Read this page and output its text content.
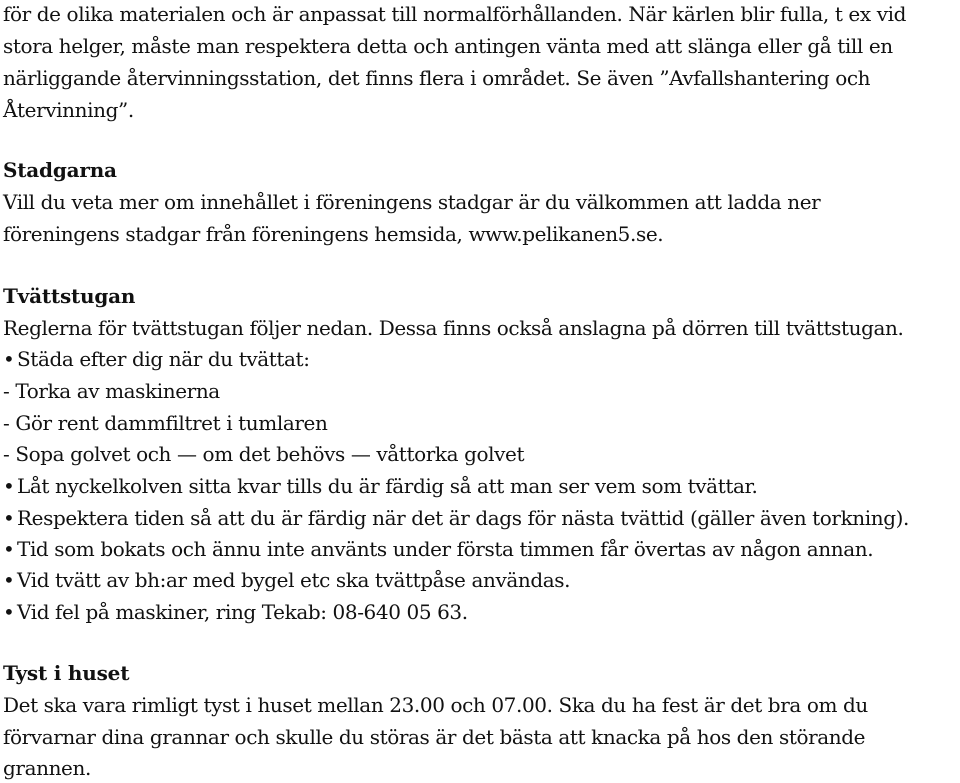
för de olika materialen och är anpassat till normalförhållanden. När kärlen blir fulla, t ex vid
stora helger, måste man respektera detta och antingen vänta med att slänga eller gå till en
närliggande återvinningsstation, det finns flera i området. Se även ”Avfallshantering och
Återvinning”.
Stadgarna
Vill du veta mer om innehållet i föreningens stadgar är du välkommen att ladda ner
föreningens stadgar från föreningens hemsida, www.pelikanen5.se.
Tvättstugan
Reglerna för tvättstugan följer nedan. Dessa finns också anslagna på dörren till tvättstugan.
• Städa efter dig när du tvättat:
- Torka av maskinerna
- Gör rent dammfiltret i tumlaren
- Sopa golvet och — om det behövs — våttorka golvet
• Låt nyckelkolven sitta kvar tills du är färdig så att man ser vem som tvättar.
• Respektera tiden så att du är färdig när det är dags för nästa tvättid (gäller även torkning).
• Tid som bokats och ännu inte använts under första timmen får övertas av någon annan.
• Vid tvätt av bh:ar med bygel etc ska tvättpåse användas.
• Vid fel på maskiner, ring Tekab: 08-640 05 63.
Tyst i huset
Det ska vara rimligt tyst i huset mellan 23.00 och 07.00. Ska du ha fest är det bra om du
förvarnar dina grannar och skulle du störas är det bästa att knacka på hos den störande
grannen.
